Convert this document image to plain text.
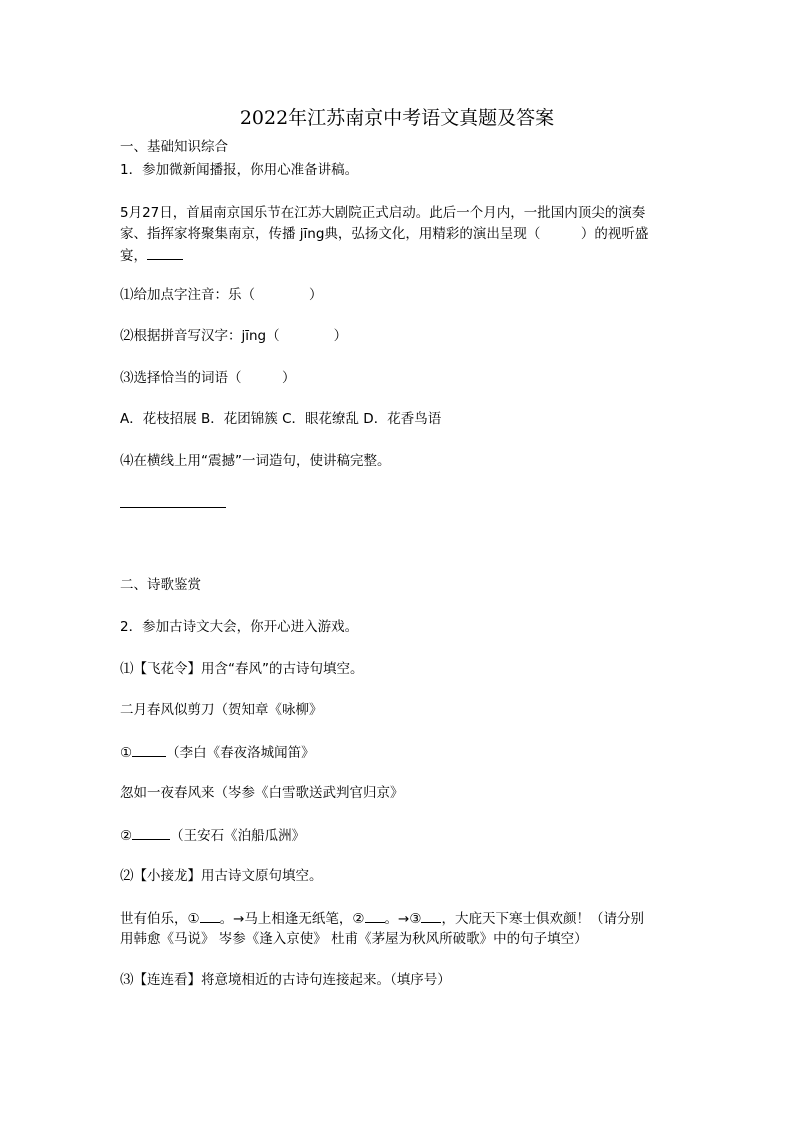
2022年江苏南京中考语文真题及答案
一、基础知识综合
1．参加微新闻播报，你用心准备讲稿。
5月27日，首届南京国乐节在江苏大剧院正式启动。此后一个月内，一批国内顶尖的演奏
家、指挥家将聚集南京，传播 jīng典，弘扬文化，用精彩的演出呈现（　　　）的视听盛
宴，
⑴给加点字注音：乐（　　　　）
⑵根据拼音写汉字：jīng（　　　　）
⑶选择恰当的词语（　　　）
A．花枝招展 B．花团锦簇 C．眼花缭乱 D．花香鸟语
⑷在横线上用“震撼”一词造句，使讲稿完整。
二、诗歌鉴赏
2．参加古诗文大会，你开心进入游戏。
⑴【飞花令】用含“春风”的古诗句填空。
二月春风似剪刀（贺知章《咏柳》
①	（李白《春夜洛城闻笛》
忽如一夜春风来（岑参《白雪歌送武判官归京》
②	（王安石《泊船瓜洲》
⑵【小接龙】用古诗文原句填空。
世有伯乐，① 。→马上相逢无纸笔，② 。→③ ，大庇天下寒士俱欢颜！（请分别
用韩愈《马说》 岑参《逢入京使》 杜甫《茅屋为秋风所破歌》中的句子填空）
⑶【连连看】将意境相近的古诗句连接起来。（填序号）
